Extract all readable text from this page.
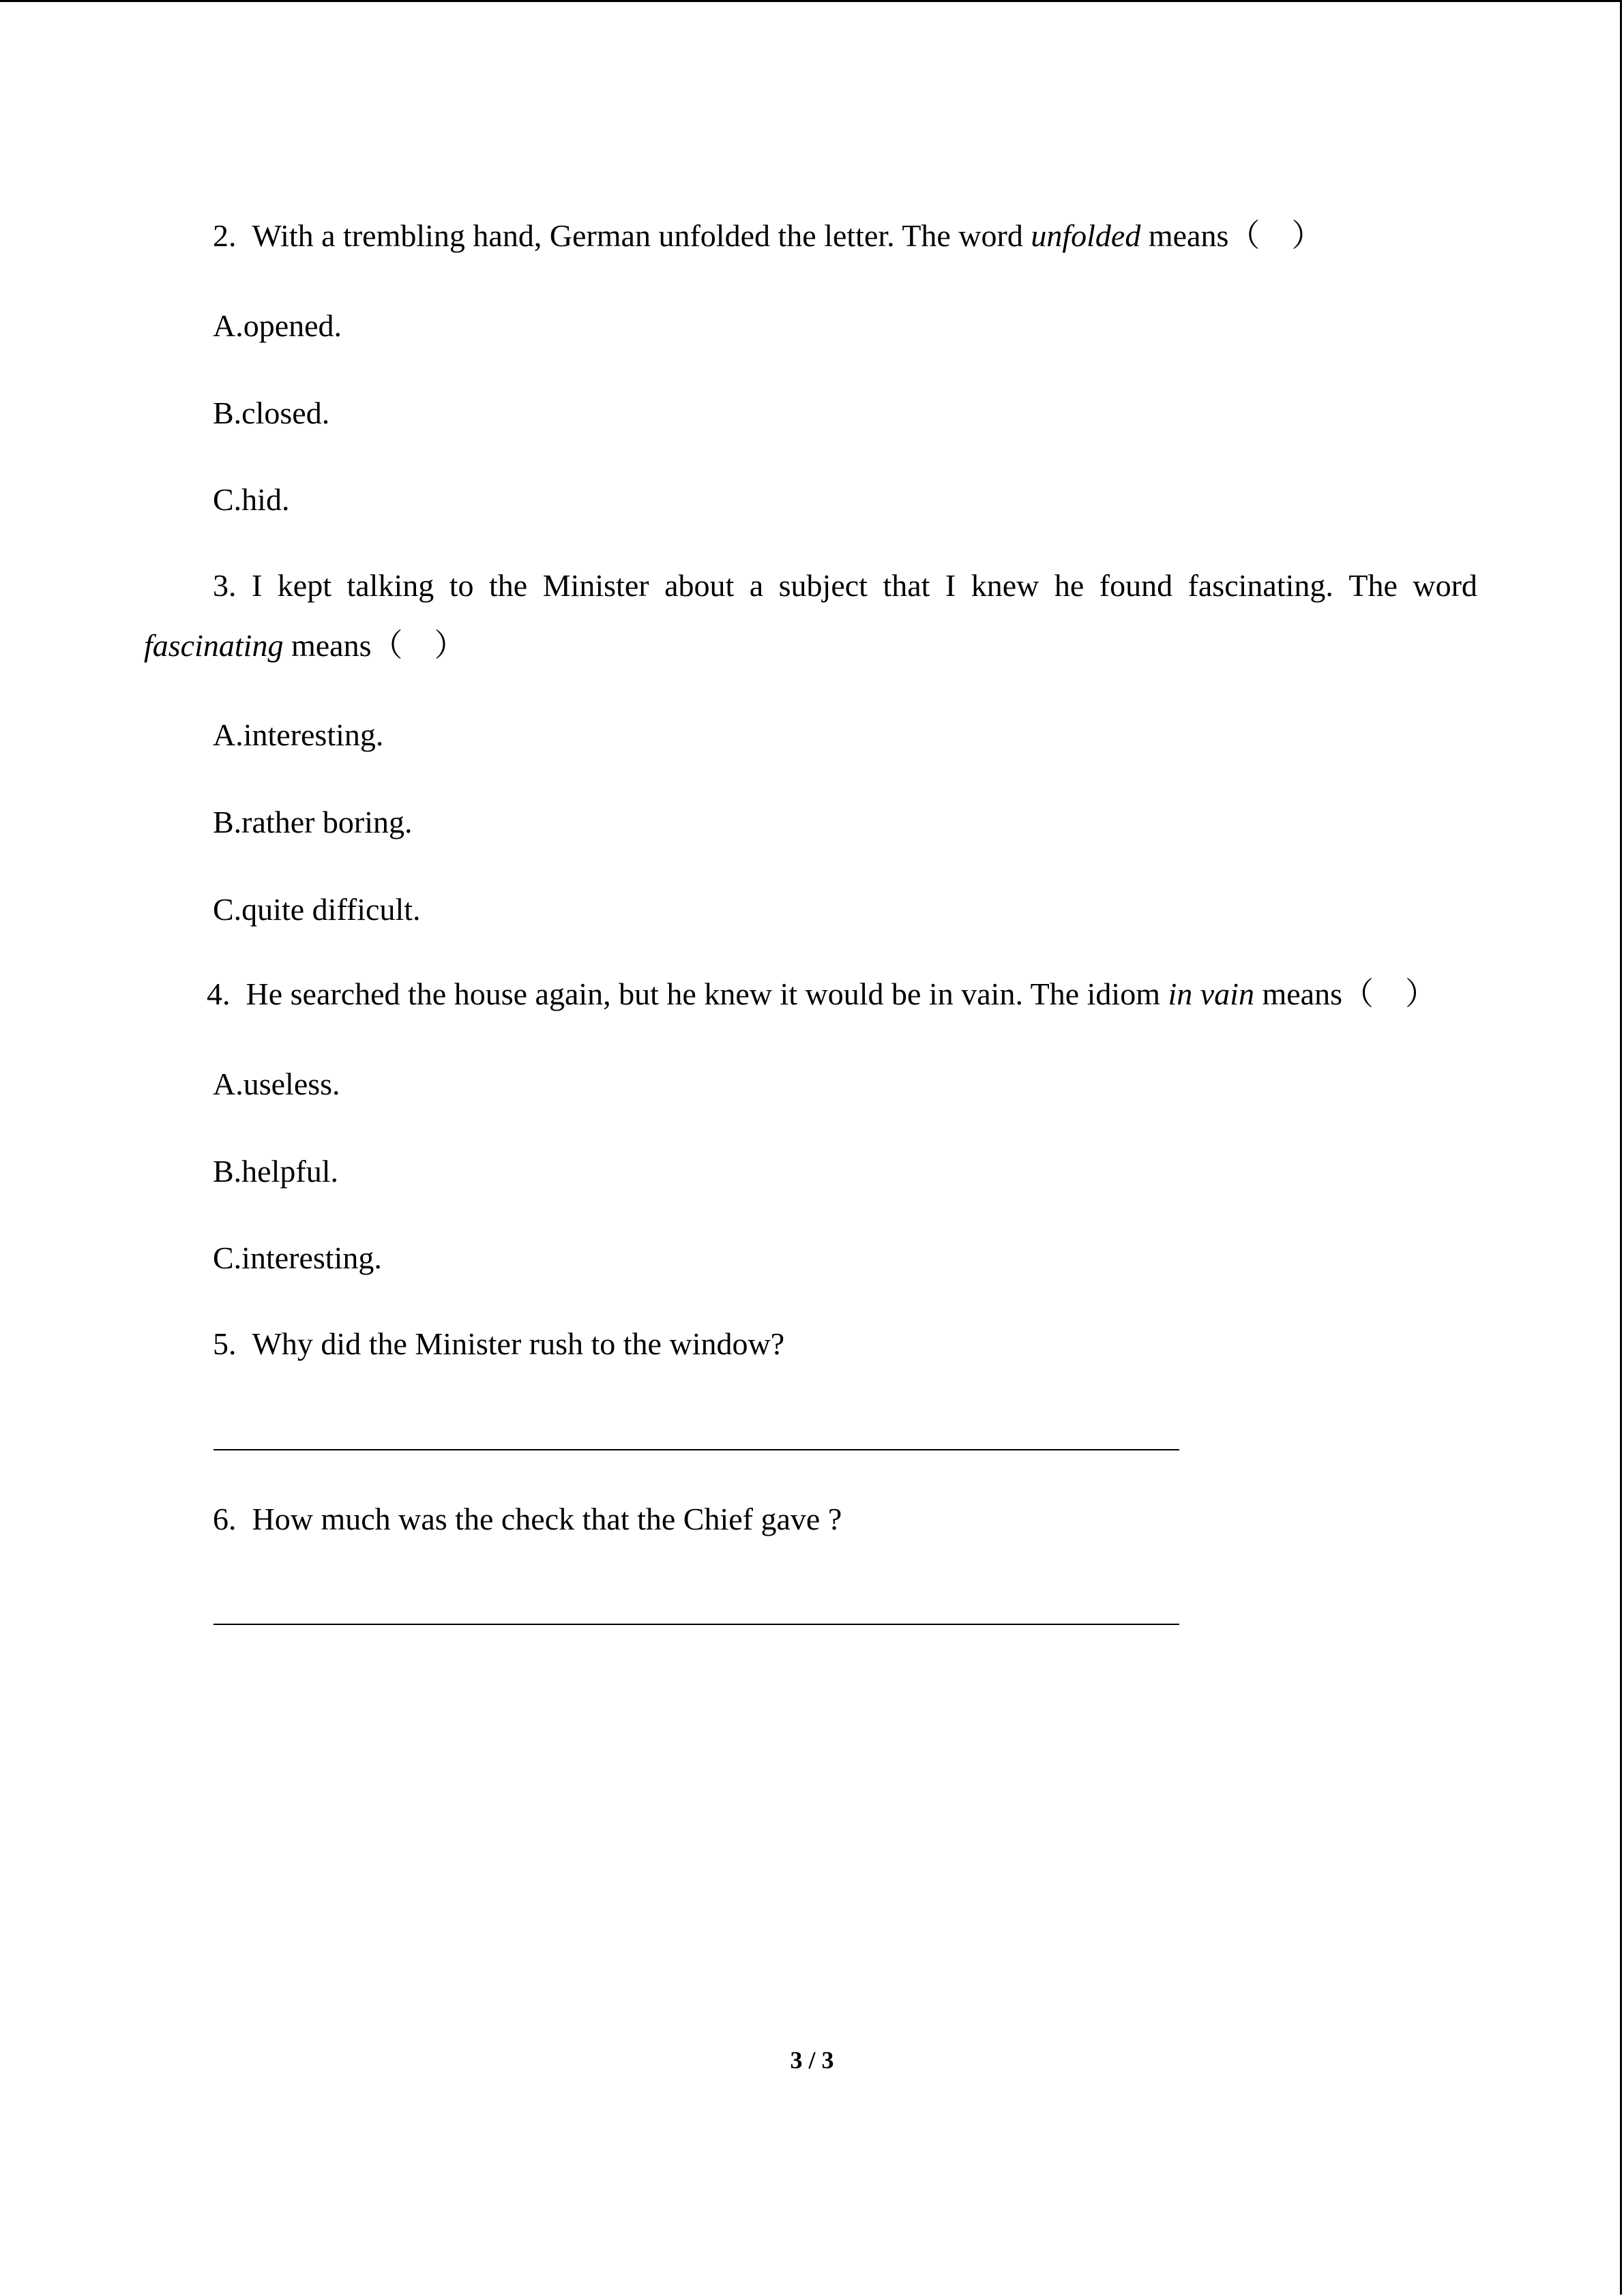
2. With a trembling hand, German unfolded the letter. The word unfolded means（　）
A.opened.
B.closed.
C.hid.
3. I kept talking to the Minister about a subject that I knew he found fascinating. The word
fascinating means（　）
A.interesting.
B.rather boring.
C.quite difficult.
4. He searched the house again, but he knew it would be in vain. The idiom in vain means（　）
A.useless.
B.helpful.
C.interesting.
5. Why did the Minister rush to the window?
6. How much was the check that the Chief gave ?
3 / 3
